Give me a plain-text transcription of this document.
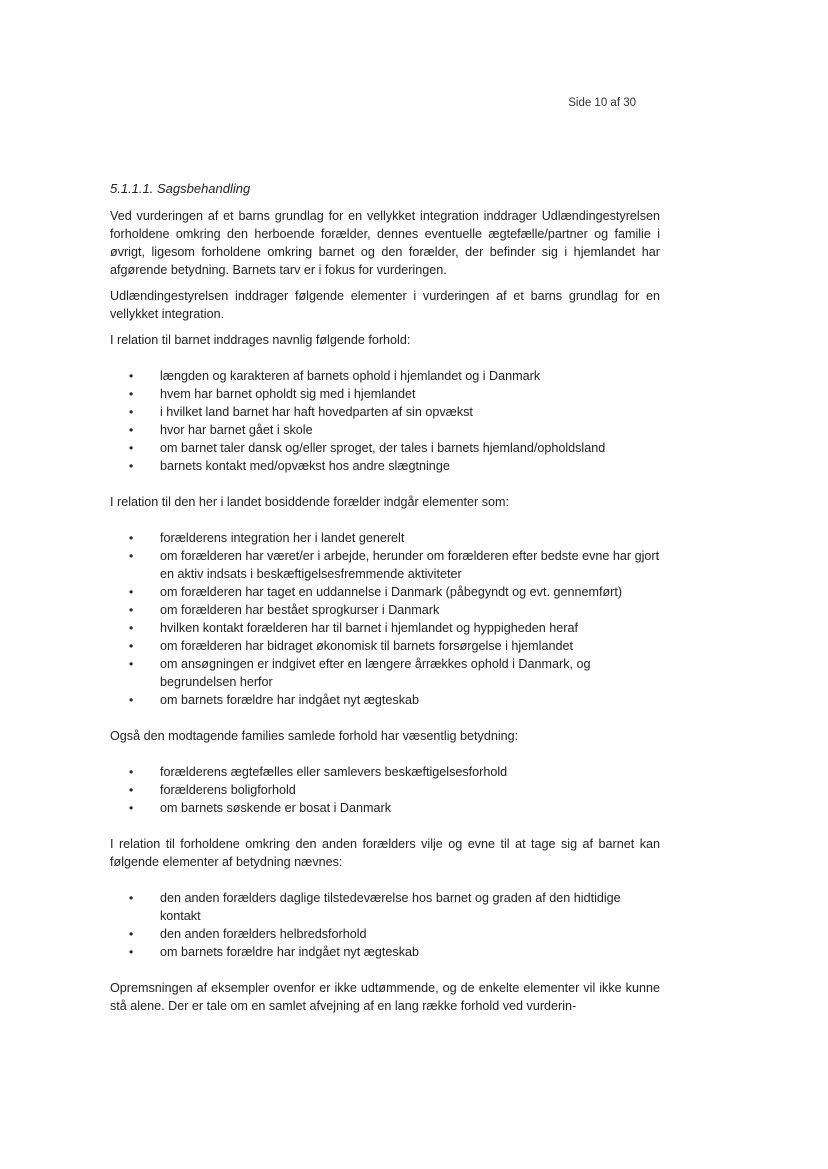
Side 10 af 30
5.1.1.1. Sagsbehandling

Ved vurderingen af et barns grundlag for en vellykket integration inddrager Udlændingestyrelsen forholdene omkring den herboende forælder, dennes eventuelle ægtefælle/partner og familie i øvrigt, ligesom forholdene omkring barnet og den forælder, der befinder sig i hjemlandet har afgørende betydning. Barnets tarv er i fokus for vurderingen.

Udlændingestyrelsen inddrager følgende elementer i vurderingen af et barns grundlag for en vellykket integration.

I relation til barnet inddrages navnlig følgende forhold:

• længden og karakteren af barnets ophold i hjemlandet og i Danmark
• hvem har barnet opholdt sig med i hjemlandet
• i hvilket land barnet har haft hovedparten af sin opvækst
• hvor har barnet gået i skole
• om barnet taler dansk og/eller sproget, der tales i barnets hjemland/opholdsland
• barnets kontakt med/opvækst hos andre slægtninge

I relation til den her i landet bosiddende forælder indgår elementer som:

• forælderens integration her i landet generelt
• om forælderen har været/er i arbejde, herunder om forælderen efter bedste evne har gjort en aktiv indsats i beskæftigelsesfremmende aktiviteter
• om forælderen har taget en uddannelse i Danmark (påbegyndt og evt. gennemført)
• om forælderen har bestået sprogkurser i Danmark
• hvilken kontakt forælderen har til barnet i hjemlandet og hyppigheden heraf
• om forælderen har bidraget økonomisk til barnets forsørgelse i hjemlandet
• om ansøgningen er indgivet efter en længere årrækkes ophold i Danmark, og begrundelsen herfor
• om barnets forældre har indgået nyt ægteskab

Også den modtagende families samlede forhold har væsentlig betydning:

• forælderens ægtefælles eller samlevers beskæftigelsesforhold
• forælderens boligforhold
• om barnets søskende er bosat i Danmark

I relation til forholdene omkring den anden forælders vilje og evne til at tage sig af barnet kan følgende elementer af betydning nævnes:

• den anden forælders daglige tilstedeværelse hos barnet og graden af den hidtidige kontakt
• den anden forælders helbredsforhold
• om barnets forældre har indgået nyt ægteskab

Opremsningen af eksempler ovenfor er ikke udtømmende, og de enkelte elementer vil ikke kunne stå alene. Der er tale om en samlet afvejning af en lang række forhold ved vurderin-
